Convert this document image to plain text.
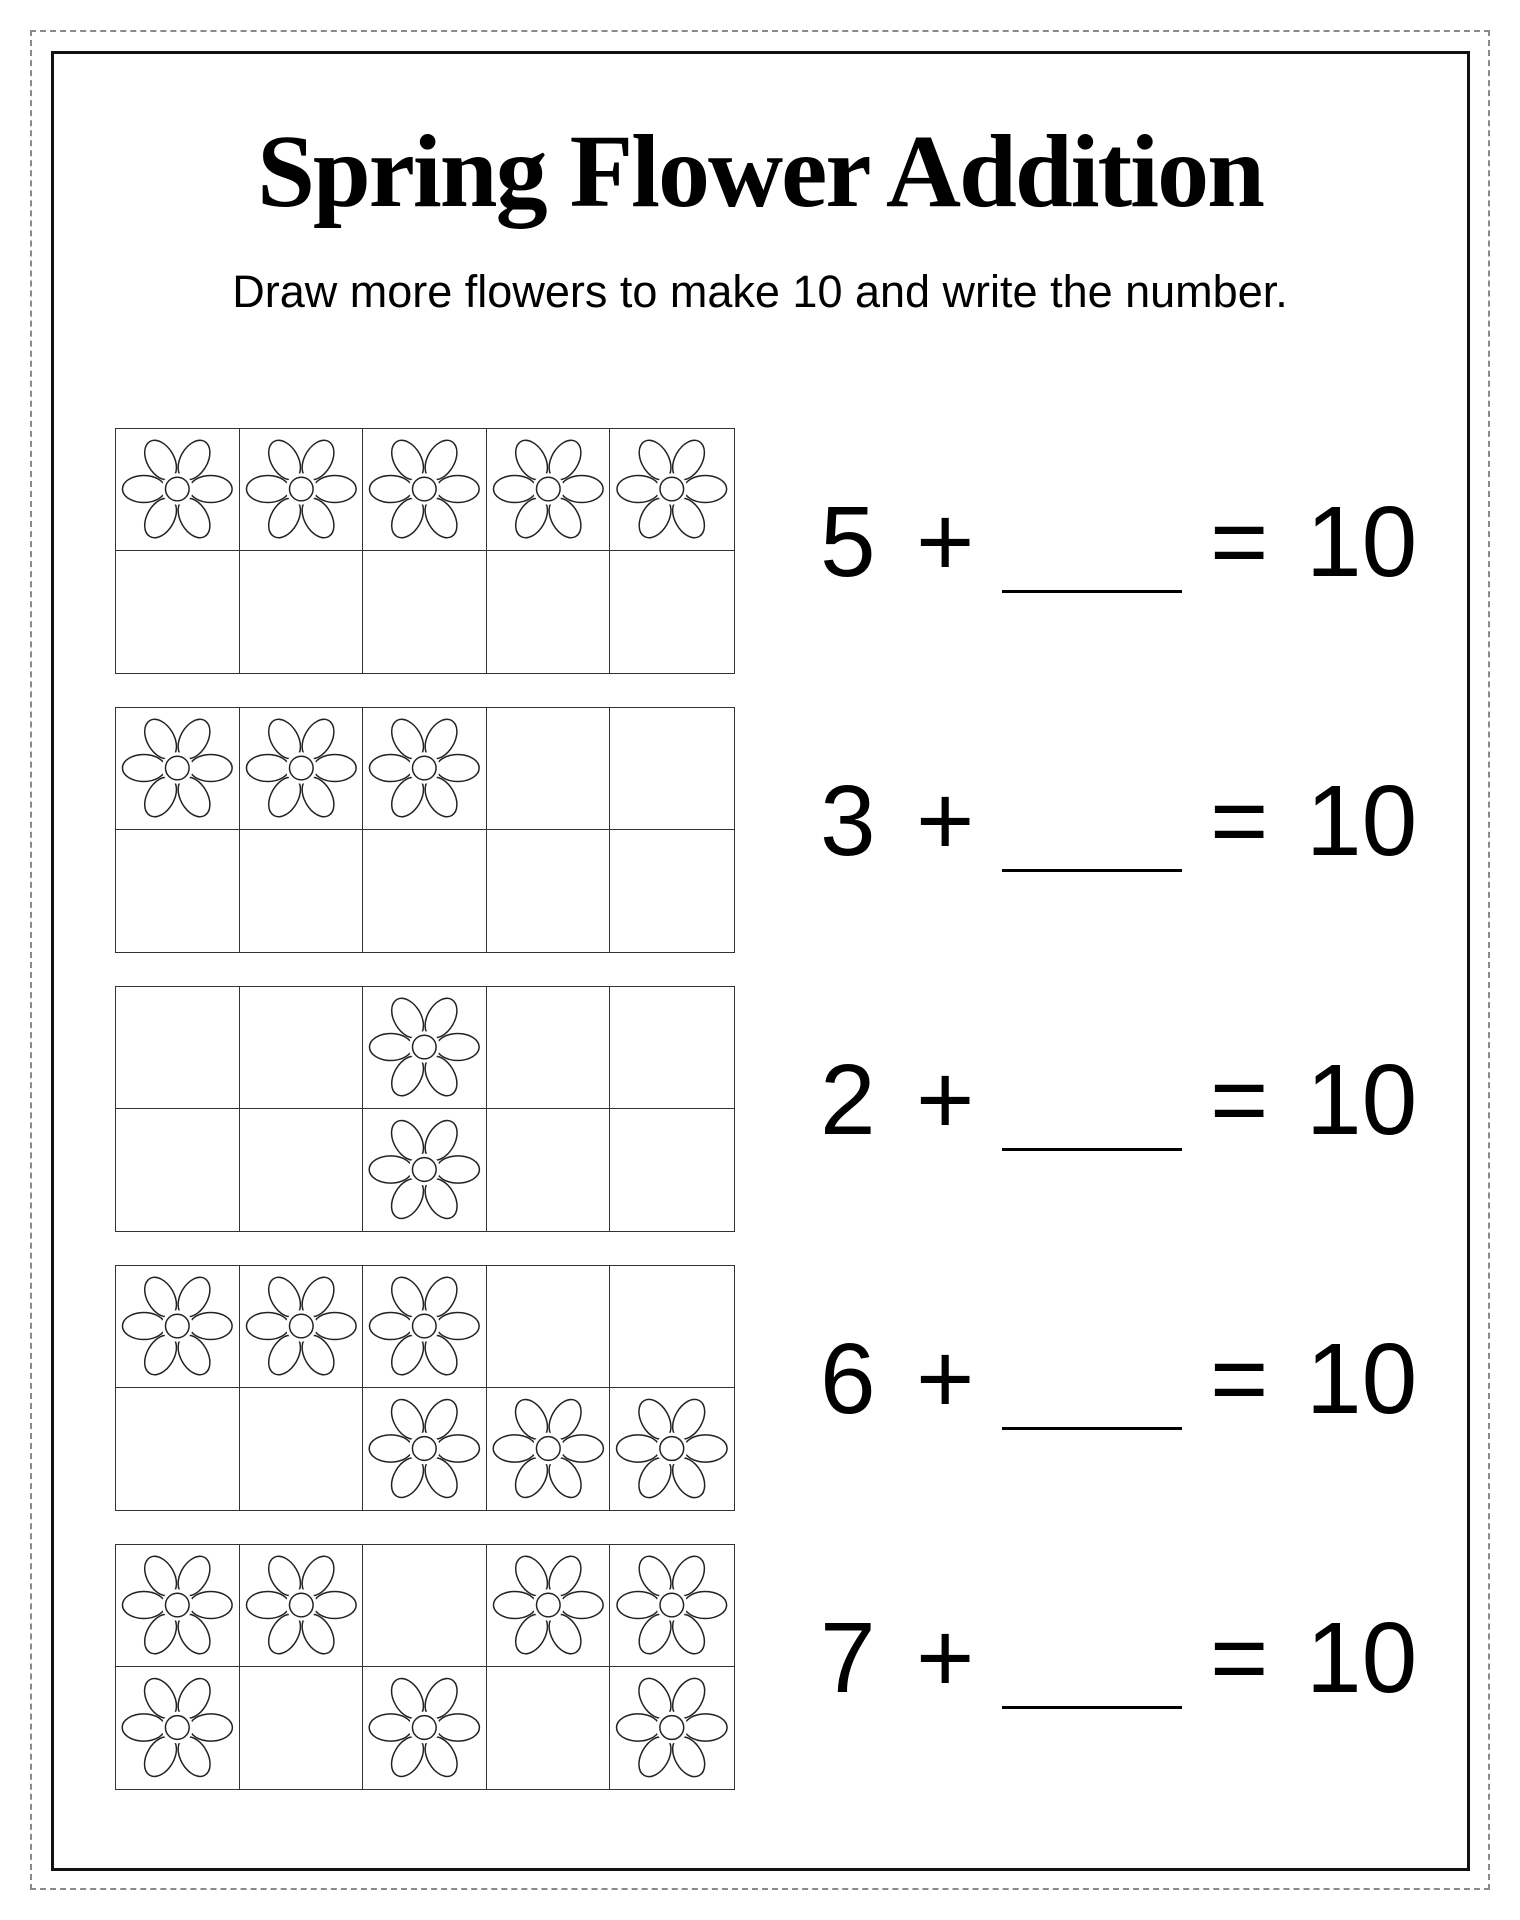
Spring Flower Addition

Draw more flowers to make 10 and write the number.

5 + = 10
3 + = 10
2 + = 10
6 + = 10
7 + = 10
